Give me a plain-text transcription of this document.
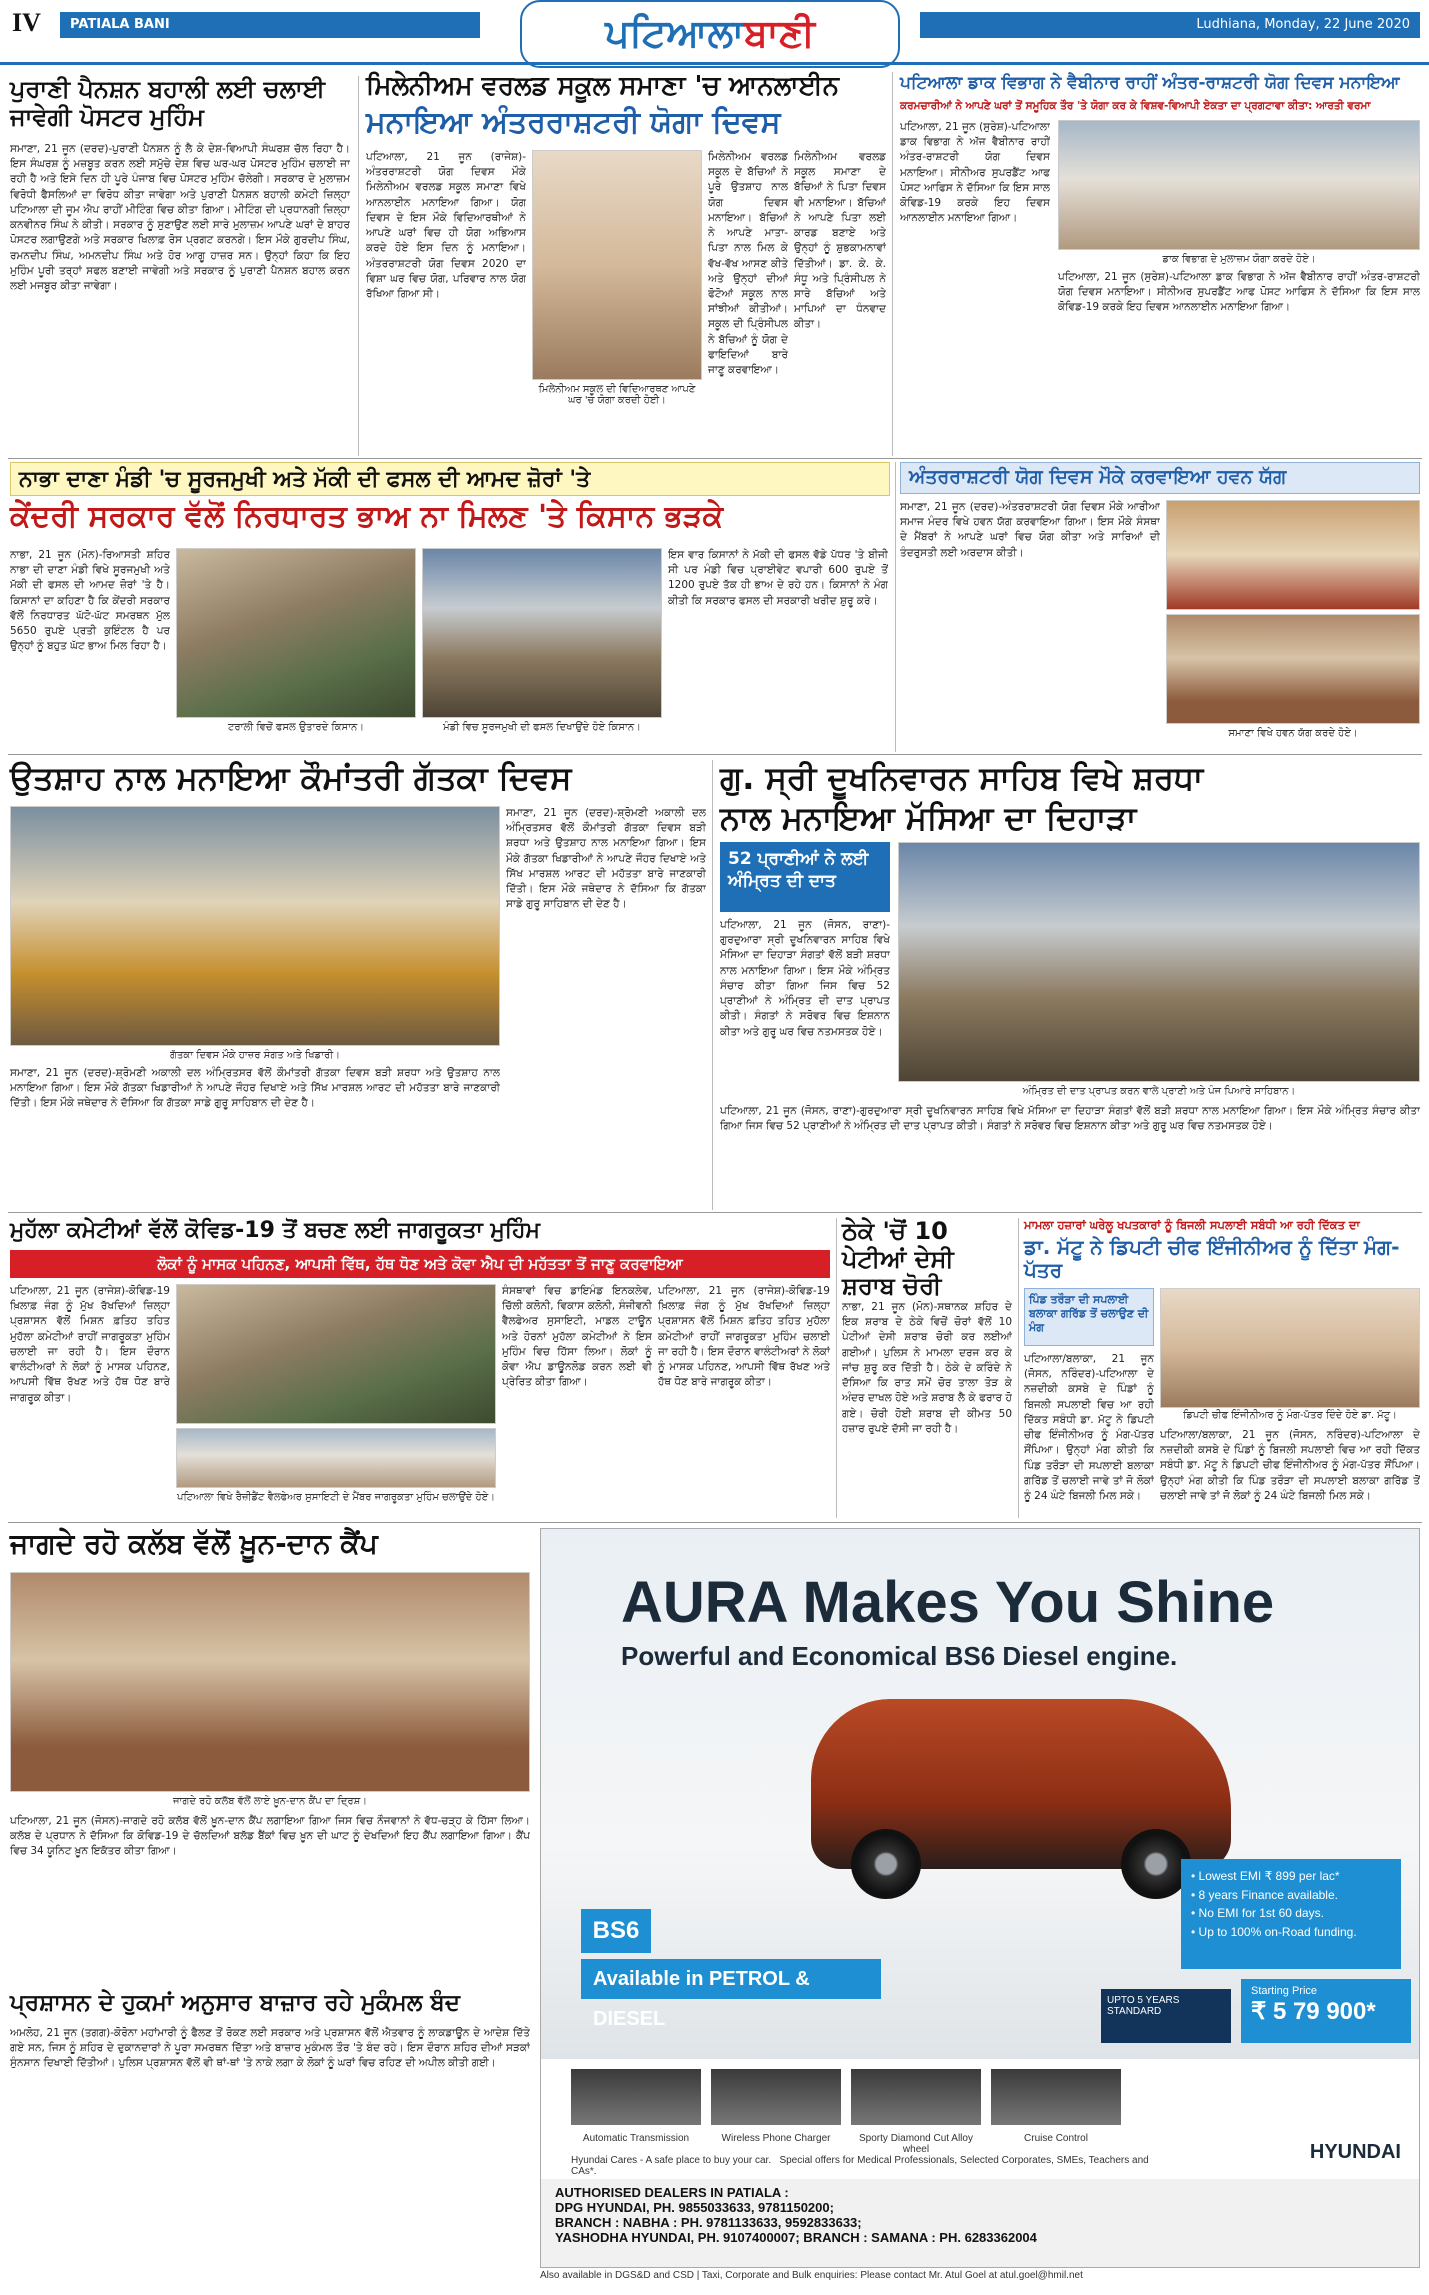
IV	PATIALA BANI	ਪਟਿਆਲਾਬਾਣੀ	Ludhiana, Monday, 22 June 2020
ਪੁਰਾਣੀ ਪੈਨਸ਼ਨ ਬਹਾਲੀ ਲਈ ਚਲਾਈ ਜਾਵੇਗੀ ਪੋਸਟਰ ਮੁਹਿੰਮ
ਸਮਾਣਾ, 21 ਜੂਨ (ਦਰਦ)-ਪੁਰਾਣੀ ਪੈਨਸ਼ਨ ਨੂੰ ਲੈ ਕੇ ਦੇਸ਼-ਵਿਆਪੀ ਸੰਘਰਸ਼ ਚੱਲ ਰਿਹਾ ਹੈ। ਇਸ ਸੰਘਰਸ਼ ਨੂੰ ਮਜ਼ਬੂਤ ਕਰਨ ਲਈ ਸਮੁੱਚੇ ਦੇਸ਼ ਵਿਚ ਘਰ-ਘਰ ਪੋਸਟਰ ਮੁਹਿੰਮ ਚਲਾਈ ਜਾ ਰਹੀ ਹੈ ਅਤੇ ਇਸੇ ਦਿਨ ਹੀ ਪੂਰੇ ਪੰਜਾਬ ਵਿਚ ਪੋਸਟਰ ਮੁਹਿੰਮ ਚੱਲੇਗੀ। ਸਰਕਾਰ ਦੇ ਮੁਲਾਜ਼ਮ ਵਿਰੋਧੀ ਫੈਸਲਿਆਂ ਦਾ ਵਿਰੋਧ ਕੀਤਾ ਜਾਵੇਗਾ ਅਤੇ ਪੁਰਾਣੀ ਪੈਨਸ਼ਨ ਬਹਾਲੀ ਕਮੇਟੀ ਜ਼ਿਲ੍ਹਾ ਪਟਿਆਲਾ ਦੀ ਜੂਮ ਐਪ ਰਾਹੀਂ ਮੀਟਿੰਗ ਵਿਚ ਕੀਤਾ ਗਿਆ। ਮੀਟਿੰਗ ਦੀ ਪ੍ਰਧਾਨਗੀ ਜ਼ਿਲ੍ਹਾ ਕਨਵੀਨਰ ਸਿੰਘ ਨੇ ਕੀਤੀ। ਸਰਕਾਰ ਨੂੰ ਸੁਣਾਉਣ ਲਈ ਸਾਰੇ ਮੁਲਾਜ਼ਮ ਆਪਣੇ ਘਰਾਂ ਦੇ ਬਾਹਰ ਪੋਸਟਰ ਲਗਾਉਣਗੇ ਅਤੇ ਸਰਕਾਰ ਖਿਲਾਫ਼ ਰੋਸ ਪ੍ਰਗਟ ਕਰਨਗੇ। ਇਸ ਮੌਕੇ ਗੁਰਦੀਪ ਸਿੰਘ, ਰਮਨਦੀਪ ਸਿੰਘ, ਅਮਨਦੀਪ ਸਿੰਘ ਅਤੇ ਹੋਰ ਆਗੂ ਹਾਜ਼ਰ ਸਨ। ਉਨ੍ਹਾਂ ਕਿਹਾ ਕਿ ਇਹ ਮੁਹਿੰਮ ਪੂਰੀ ਤਰ੍ਹਾਂ ਸਫਲ ਬਣਾਈ ਜਾਵੇਗੀ ਅਤੇ ਸਰਕਾਰ ਨੂੰ ਪੁਰਾਣੀ ਪੈਨਸ਼ਨ ਬਹਾਲ ਕਰਨ ਲਈ ਮਜਬੂਰ ਕੀਤਾ ਜਾਵੇਗਾ।
ਮਿਲੇਨੀਅਮ ਵਰਲਡ ਸਕੂਲ ਸਮਾਣਾ 'ਚ ਆਨਲਾਈਨ
ਮਨਾਇਆ ਅੰਤਰਰਾਸ਼ਟਰੀ ਯੋਗਾ ਦਿਵਸ
ਪਟਿਆਲਾ, 21 ਜੂਨ (ਰਾਜੇਸ਼)-ਅੰਤਰਰਾਸ਼ਟਰੀ ਯੋਗ ਦਿਵਸ ਮੌਕੇ ਮਿਲੇਨੀਅਮ ਵਰਲਡ ਸਕੂਲ ਸਮਾਣਾ ਵਿਖੇ ਆਨਲਾਈਨ ਮਨਾਇਆ ਗਿਆ। ਯੋਗ ਦਿਵਸ ਦੇ ਇਸ ਮੌਕੇ ਵਿਦਿਆਰਥੀਆਂ ਨੇ ਆਪਣੇ ਘਰਾਂ ਵਿਚ ਹੀ ਯੋਗ ਅਭਿਆਸ ਕਰਦੇ ਹੋਏ ਇਸ ਦਿਨ ਨੂੰ ਮਨਾਇਆ। ਅੰਤਰਰਾਸ਼ਟਰੀ ਯੋਗ ਦਿਵਸ 2020 ਦਾ ਵਿਸ਼ਾ ਘਰ ਵਿਚ ਯੋਗ, ਪਰਿਵਾਰ ਨਾਲ ਯੋਗ ਰੱਖਿਆ ਗਿਆ ਸੀ।
ਮਿਲੇਨੀਅਮ ਸਕੂਲ ਦੀ ਵਿਦਿਆਰਥਣ ਆਪਣੇ ਘਰ 'ਚ ਯੋਗਾ ਕਰਦੀ ਹੋਈ।
ਮਿਲੇਨੀਅਮ ਵਰਲਡ ਸਕੂਲ ਦੇ ਬੱਚਿਆਂ ਨੇ ਪੂਰੇ ਉਤਸ਼ਾਹ ਨਾਲ ਯੋਗ ਦਿਵਸ ਮਨਾਇਆ। ਬੱਚਿਆਂ ਨੇ ਆਪਣੇ ਮਾਤਾ-ਪਿਤਾ ਨਾਲ ਮਿਲ ਕੇ ਵੱਖ-ਵੱਖ ਆਸਣ ਕੀਤੇ ਅਤੇ ਉਨ੍ਹਾਂ ਦੀਆਂ ਫੋਟੋਆਂ ਸਕੂਲ ਨਾਲ ਸਾਂਝੀਆਂ ਕੀਤੀਆਂ। ਸਕੂਲ ਦੀ ਪ੍ਰਿੰਸੀਪਲ ਨੇ ਬੱਚਿਆਂ ਨੂੰ ਯੋਗ ਦੇ ਫਾਇਦਿਆਂ ਬਾਰੇ ਜਾਣੂ ਕਰਵਾਇਆ।
ਮਿਲੇਨੀਅਮ ਵਰਲਡ ਸਕੂਲ ਸਮਾਣਾ ਦੇ ਬੱਚਿਆਂ ਨੇ ਪਿਤਾ ਦਿਵਸ ਵੀ ਮਨਾਇਆ। ਬੱਚਿਆਂ ਨੇ ਆਪਣੇ ਪਿਤਾ ਲਈ ਕਾਰਡ ਬਣਾਏ ਅਤੇ ਉਨ੍ਹਾਂ ਨੂੰ ਸ਼ੁਭਕਾਮਨਾਵਾਂ ਦਿੱਤੀਆਂ। ਡਾ. ਕੇ. ਕੇ. ਸੰਧੂ ਅਤੇ ਪ੍ਰਿੰਸੀਪਲ ਨੇ ਸਾਰੇ ਬੱਚਿਆਂ ਅਤੇ ਮਾਪਿਆਂ ਦਾ ਧੰਨਵਾਦ ਕੀਤਾ।
ਪਟਿਆਲਾ ਡਾਕ ਵਿਭਾਗ ਨੇ ਵੈਬੀਨਾਰ ਰਾਹੀਂ ਅੰਤਰ-ਰਾਸ਼ਟਰੀ ਯੋਗ ਦਿਵਸ ਮਨਾਇਆ
ਕਰਮਚਾਰੀਆਂ ਨੇ ਆਪਣੇ ਘਰਾਂ ਤੋਂ ਸਮੂਹਿਕ ਤੌਰ 'ਤੇ ਯੋਗਾ ਕਰ ਕੇ ਵਿਸ਼ਵ-ਵਿਆਪੀ ਏਕਤਾ ਦਾ ਪ੍ਰਗਟਾਵਾ ਕੀਤਾ: ਆਰਤੀ ਵਰਮਾ
ਪਟਿਆਲਾ, 21 ਜੂਨ (ਸੁਰੇਸ਼)-ਪਟਿਆਲਾ ਡਾਕ ਵਿਭਾਗ ਨੇ ਅੱਜ ਵੈਬੀਨਾਰ ਰਾਹੀਂ ਅੰਤਰ-ਰਾਸ਼ਟਰੀ ਯੋਗ ਦਿਵਸ ਮਨਾਇਆ। ਸੀਨੀਅਰ ਸੁਪਰਡੈਂਟ ਆਫ ਪੋਸਟ ਆਫਿਸ ਨੇ ਦੱਸਿਆ ਕਿ ਇਸ ਸਾਲ ਕੋਵਿਡ-19 ਕਰਕੇ ਇਹ ਦਿਵਸ ਆਨਲਾਈਨ ਮਨਾਇਆ ਗਿਆ।
ਡਾਕ ਵਿਭਾਗ ਦੇ ਮੁਲਾਜ਼ਮ ਯੋਗਾ ਕਰਦੇ ਹੋਏ।
ਪਟਿਆਲਾ, 21 ਜੂਨ (ਸੁਰੇਸ਼)-ਪਟਿਆਲਾ ਡਾਕ ਵਿਭਾਗ ਨੇ ਅੱਜ ਵੈਬੀਨਾਰ ਰਾਹੀਂ ਅੰਤਰ-ਰਾਸ਼ਟਰੀ ਯੋਗ ਦਿਵਸ ਮਨਾਇਆ। ਸੀਨੀਅਰ ਸੁਪਰਡੈਂਟ ਆਫ ਪੋਸਟ ਆਫਿਸ ਨੇ ਦੱਸਿਆ ਕਿ ਇਸ ਸਾਲ ਕੋਵਿਡ-19 ਕਰਕੇ ਇਹ ਦਿਵਸ ਆਨਲਾਈਨ ਮਨਾਇਆ ਗਿਆ।
ਨਾਭਾ ਦਾਣਾ ਮੰਡੀ 'ਚ ਸੂਰਜਮੁਖੀ ਅਤੇ ਮੱਕੀ ਦੀ ਫਸਲ ਦੀ ਆਮਦ ਜ਼ੋਰਾਂ 'ਤੇ
ਕੇਂਦਰੀ ਸਰਕਾਰ ਵੱਲੋਂ ਨਿਰਧਾਰਤ ਭਾਅ ਨਾ ਮਿਲਣ 'ਤੇ ਕਿਸਾਨ ਭੜਕੇ
ਨਾਭਾ, 21 ਜੂਨ (ਮੋਨ)-ਰਿਆਸਤੀ ਸ਼ਹਿਰ ਨਾਭਾ ਦੀ ਦਾਣਾ ਮੰਡੀ ਵਿਖੇ ਸੂਰਜਮੁਖੀ ਅਤੇ ਮੱਕੀ ਦੀ ਫਸਲ ਦੀ ਆਮਦ ਜ਼ੋਰਾਂ 'ਤੇ ਹੈ। ਕਿਸਾਨਾਂ ਦਾ ਕਹਿਣਾ ਹੈ ਕਿ ਕੇਂਦਰੀ ਸਰਕਾਰ ਵੱਲੋਂ ਨਿਰਧਾਰਤ ਘੱਟੋ-ਘੱਟ ਸਮਰਥਨ ਮੁੱਲ 5650 ਰੁਪਏ ਪ੍ਰਤੀ ਕੁਇੰਟਲ ਹੈ ਪਰ ਉਨ੍ਹਾਂ ਨੂੰ ਬਹੁਤ ਘੱਟ ਭਾਅ ਮਿਲ ਰਿਹਾ ਹੈ।
ਟਰਾਲੀ ਵਿਚੋਂ ਫਸਲ ਉਤਾਰਦੇ ਕਿਸਾਨ।	ਮੰਡੀ ਵਿਚ ਸੂਰਜਮੁਖੀ ਦੀ ਫਸਲ ਦਿਖਾਉਂਦੇ ਹੋਏ ਕਿਸਾਨ।
ਇਸ ਵਾਰ ਕਿਸਾਨਾਂ ਨੇ ਮੱਕੀ ਦੀ ਫਸਲ ਵੱਡੇ ਪੱਧਰ 'ਤੇ ਬੀਜੀ ਸੀ ਪਰ ਮੰਡੀ ਵਿਚ ਪ੍ਰਾਈਵੇਟ ਵਪਾਰੀ 600 ਰੁਪਏ ਤੋਂ 1200 ਰੁਪਏ ਤੱਕ ਹੀ ਭਾਅ ਦੇ ਰਹੇ ਹਨ। ਕਿਸਾਨਾਂ ਨੇ ਮੰਗ ਕੀਤੀ ਕਿ ਸਰਕਾਰ ਫਸਲ ਦੀ ਸਰਕਾਰੀ ਖਰੀਦ ਸ਼ੁਰੂ ਕਰੇ।
ਅੰਤਰਰਾਸ਼ਟਰੀ ਯੋਗ ਦਿਵਸ ਮੌਕੇ ਕਰਵਾਇਆ ਹਵਨ ਯੱਗ
ਸਮਾਣਾ, 21 ਜੂਨ (ਦਰਦ)-ਅੰਤਰਰਾਸ਼ਟਰੀ ਯੋਗ ਦਿਵਸ ਮੌਕੇ ਆਰੀਆ ਸਮਾਜ ਮੰਦਰ ਵਿਖੇ ਹਵਨ ਯੱਗ ਕਰਵਾਇਆ ਗਿਆ। ਇਸ ਮੌਕੇ ਸੰਸਥਾ ਦੇ ਮੈਂਬਰਾਂ ਨੇ ਆਪਣੇ ਘਰਾਂ ਵਿਚ ਯੋਗ ਕੀਤਾ ਅਤੇ ਸਾਰਿਆਂ ਦੀ ਤੰਦਰੁਸਤੀ ਲਈ ਅਰਦਾਸ ਕੀਤੀ।
ਸਮਾਣਾ ਵਿਖੇ ਹਵਨ ਯੱਗ ਕਰਦੇ ਹੋਏ।
ਉਤਸ਼ਾਹ ਨਾਲ ਮਨਾਇਆ ਕੌਮਾਂਤਰੀ ਗੱਤਕਾ ਦਿਵਸ
ਗੱਤਕਾ ਦਿਵਸ ਮੌਕੇ ਹਾਜ਼ਰ ਸੰਗਤ ਅਤੇ ਖਿਡਾਰੀ।
ਸਮਾਣਾ, 21 ਜੂਨ (ਦਰਦ)-ਸ਼੍ਰੋਮਣੀ ਅਕਾਲੀ ਦਲ ਅੰਮ੍ਰਿਤਸਰ ਵੱਲੋਂ ਕੌਮਾਂਤਰੀ ਗੱਤਕਾ ਦਿਵਸ ਬੜੀ ਸ਼ਰਧਾ ਅਤੇ ਉਤਸ਼ਾਹ ਨਾਲ ਮਨਾਇਆ ਗਿਆ। ਇਸ ਮੌਕੇ ਗੱਤਕਾ ਖਿਡਾਰੀਆਂ ਨੇ ਆਪਣੇ ਜੌਹਰ ਦਿਖਾਏ ਅਤੇ ਸਿੱਖ ਮਾਰਸ਼ਲ ਆਰਟ ਦੀ ਮਹੱਤਤਾ ਬਾਰੇ ਜਾਣਕਾਰੀ ਦਿੱਤੀ। ਇਸ ਮੌਕੇ ਜਥੇਦਾਰ ਨੇ ਦੱਸਿਆ ਕਿ ਗੱਤਕਾ ਸਾਡੇ ਗੁਰੂ ਸਾਹਿਬਾਨ ਦੀ ਦੇਣ ਹੈ।
ਸਮਾਣਾ, 21 ਜੂਨ (ਦਰਦ)-ਸ਼੍ਰੋਮਣੀ ਅਕਾਲੀ ਦਲ ਅੰਮ੍ਰਿਤਸਰ ਵੱਲੋਂ ਕੌਮਾਂਤਰੀ ਗੱਤਕਾ ਦਿਵਸ ਬੜੀ ਸ਼ਰਧਾ ਅਤੇ ਉਤਸ਼ਾਹ ਨਾਲ ਮਨਾਇਆ ਗਿਆ। ਇਸ ਮੌਕੇ ਗੱਤਕਾ ਖਿਡਾਰੀਆਂ ਨੇ ਆਪਣੇ ਜੌਹਰ ਦਿਖਾਏ ਅਤੇ ਸਿੱਖ ਮਾਰਸ਼ਲ ਆਰਟ ਦੀ ਮਹੱਤਤਾ ਬਾਰੇ ਜਾਣਕਾਰੀ ਦਿੱਤੀ। ਇਸ ਮੌਕੇ ਜਥੇਦਾਰ ਨੇ ਦੱਸਿਆ ਕਿ ਗੱਤਕਾ ਸਾਡੇ ਗੁਰੂ ਸਾਹਿਬਾਨ ਦੀ ਦੇਣ ਹੈ।
ਗੁ. ਸ੍ਰੀ ਦੂਖਨਿਵਾਰਨ ਸਾਹਿਬ ਵਿਖੇ ਸ਼ਰਧਾ
ਨਾਲ ਮਨਾਇਆ ਮੱਸਿਆ ਦਾ ਦਿਹਾੜਾ
52 ਪ੍ਰਾਣੀਆਂ ਨੇ ਲਈ ਅੰਮ੍ਰਿਤ ਦੀ ਦਾਤ
ਪਟਿਆਲਾ, 21 ਜੂਨ (ਜੋਸਨ, ਰਾਣਾ)-ਗੁਰਦੁਆਰਾ ਸ੍ਰੀ ਦੂਖਨਿਵਾਰਨ ਸਾਹਿਬ ਵਿਖੇ ਮੱਸਿਆ ਦਾ ਦਿਹਾੜਾ ਸੰਗਤਾਂ ਵੱਲੋਂ ਬੜੀ ਸ਼ਰਧਾ ਨਾਲ ਮਨਾਇਆ ਗਿਆ। ਇਸ ਮੌਕੇ ਅੰਮ੍ਰਿਤ ਸੰਚਾਰ ਕੀਤਾ ਗਿਆ ਜਿਸ ਵਿਚ 52 ਪ੍ਰਾਣੀਆਂ ਨੇ ਅੰਮ੍ਰਿਤ ਦੀ ਦਾਤ ਪ੍ਰਾਪਤ ਕੀਤੀ। ਸੰਗਤਾਂ ਨੇ ਸਰੋਵਰ ਵਿਚ ਇਸ਼ਨਾਨ ਕੀਤਾ ਅਤੇ ਗੁਰੂ ਘਰ ਵਿਚ ਨਤਮਸਤਕ ਹੋਏ।
ਅੰਮ੍ਰਿਤ ਦੀ ਦਾਤ ਪ੍ਰਾਪਤ ਕਰਨ ਵਾਲੇ ਪ੍ਰਾਣੀ ਅਤੇ ਪੰਜ ਪਿਆਰੇ ਸਾਹਿਬਾਨ।
ਪਟਿਆਲਾ, 21 ਜੂਨ (ਜੋਸਨ, ਰਾਣਾ)-ਗੁਰਦੁਆਰਾ ਸ੍ਰੀ ਦੂਖਨਿਵਾਰਨ ਸਾਹਿਬ ਵਿਖੇ ਮੱਸਿਆ ਦਾ ਦਿਹਾੜਾ ਸੰਗਤਾਂ ਵੱਲੋਂ ਬੜੀ ਸ਼ਰਧਾ ਨਾਲ ਮਨਾਇਆ ਗਿਆ। ਇਸ ਮੌਕੇ ਅੰਮ੍ਰਿਤ ਸੰਚਾਰ ਕੀਤਾ ਗਿਆ ਜਿਸ ਵਿਚ 52 ਪ੍ਰਾਣੀਆਂ ਨੇ ਅੰਮ੍ਰਿਤ ਦੀ ਦਾਤ ਪ੍ਰਾਪਤ ਕੀਤੀ। ਸੰਗਤਾਂ ਨੇ ਸਰੋਵਰ ਵਿਚ ਇਸ਼ਨਾਨ ਕੀਤਾ ਅਤੇ ਗੁਰੂ ਘਰ ਵਿਚ ਨਤਮਸਤਕ ਹੋਏ।
ਮੁਹੱਲਾ ਕਮੇਟੀਆਂ ਵੱਲੋਂ ਕੋਵਿਡ-19 ਤੋਂ ਬਚਣ ਲਈ ਜਾਗਰੂਕਤਾ ਮੁਹਿੰਮ
ਲੋਕਾਂ ਨੂੰ ਮਾਸਕ ਪਹਿਨਣ, ਆਪਸੀ ਵਿੱਥ, ਹੱਥ ਧੋਣ ਅਤੇ ਕੋਵਾ ਐਪ ਦੀ ਮਹੱਤਤਾ ਤੋਂ ਜਾਣੂ ਕਰਵਾਇਆ
ਪਟਿਆਲਾ, 21 ਜੂਨ (ਰਾਜੇਸ਼)-ਕੋਵਿਡ-19 ਖ਼ਿਲਾਫ਼ ਜੰਗ ਨੂੰ ਮੁੱਖ ਰੱਖਦਿਆਂ ਜ਼ਿਲ੍ਹਾ ਪ੍ਰਸ਼ਾਸਨ ਵੱਲੋਂ ਮਿਸ਼ਨ ਫ਼ਤਿਹ ਤਹਿਤ ਮੁਹੱਲਾ ਕਮੇਟੀਆਂ ਰਾਹੀਂ ਜਾਗਰੂਕਤਾ ਮੁਹਿੰਮ ਚਲਾਈ ਜਾ ਰਹੀ ਹੈ। ਇਸ ਦੌਰਾਨ ਵਾਲੰਟੀਅਰਾਂ ਨੇ ਲੋਕਾਂ ਨੂੰ ਮਾਸਕ ਪਹਿਨਣ, ਆਪਸੀ ਵਿੱਥ ਰੱਖਣ ਅਤੇ ਹੱਥ ਧੋਣ ਬਾਰੇ ਜਾਗਰੂਕ ਕੀਤਾ।
ਪਟਿਆਲਾ ਵਿਖੇ ਰੈਜ਼ੀਡੈਂਟ ਵੈਲਫੇਅਰ ਸੁਸਾਇਟੀ ਦੇ ਮੈਂਬਰ ਜਾਗਰੂਕਤਾ ਮੁਹਿੰਮ ਚਲਾਉਂਦੇ ਹੋਏ।
ਸੰਸਥਾਵਾਂ ਵਿਚ ਡਾਇਮੰਡ ਇਨਕਲੇਵ, ਚਿੱਲੀ ਕਲੋਨੀ, ਵਿਕਾਸ ਕਲੋਨੀ, ਸੰਜੀਵਨੀ ਵੈਲਫੇਅਰ ਸੁਸਾਇਟੀ, ਮਾਡਲ ਟਾਊਨ ਅਤੇ ਹੋਰਨਾਂ ਮੁਹੱਲਾ ਕਮੇਟੀਆਂ ਨੇ ਇਸ ਮੁਹਿੰਮ ਵਿਚ ਹਿੱਸਾ ਲਿਆ। ਲੋਕਾਂ ਨੂੰ ਕੋਵਾ ਐਪ ਡਾਊਨਲੋਡ ਕਰਨ ਲਈ ਵੀ ਪ੍ਰੇਰਿਤ ਕੀਤਾ ਗਿਆ।
ਪਟਿਆਲਾ, 21 ਜੂਨ (ਰਾਜੇਸ਼)-ਕੋਵਿਡ-19 ਖ਼ਿਲਾਫ਼ ਜੰਗ ਨੂੰ ਮੁੱਖ ਰੱਖਦਿਆਂ ਜ਼ਿਲ੍ਹਾ ਪ੍ਰਸ਼ਾਸਨ ਵੱਲੋਂ ਮਿਸ਼ਨ ਫ਼ਤਿਹ ਤਹਿਤ ਮੁਹੱਲਾ ਕਮੇਟੀਆਂ ਰਾਹੀਂ ਜਾਗਰੂਕਤਾ ਮੁਹਿੰਮ ਚਲਾਈ ਜਾ ਰਹੀ ਹੈ। ਇਸ ਦੌਰਾਨ ਵਾਲੰਟੀਅਰਾਂ ਨੇ ਲੋਕਾਂ ਨੂੰ ਮਾਸਕ ਪਹਿਨਣ, ਆਪਸੀ ਵਿੱਥ ਰੱਖਣ ਅਤੇ ਹੱਥ ਧੋਣ ਬਾਰੇ ਜਾਗਰੂਕ ਕੀਤਾ।
ਠੇਕੇ 'ਚੋਂ 10 ਪੇਟੀਆਂ ਦੇਸੀ ਸ਼ਰਾਬ ਚੋਰੀ
ਨਾਭਾ, 21 ਜੂਨ (ਮੋਨ)-ਸਥਾਨਕ ਸ਼ਹਿਰ ਦੇ ਇਕ ਸ਼ਰਾਬ ਦੇ ਠੇਕੇ ਵਿਚੋਂ ਚੋਰਾਂ ਵੱਲੋਂ 10 ਪੇਟੀਆਂ ਦੇਸੀ ਸ਼ਰਾਬ ਚੋਰੀ ਕਰ ਲਈਆਂ ਗਈਆਂ। ਪੁਲਿਸ ਨੇ ਮਾਮਲਾ ਦਰਜ ਕਰ ਕੇ ਜਾਂਚ ਸ਼ੁਰੂ ਕਰ ਦਿੱਤੀ ਹੈ। ਠੇਕੇ ਦੇ ਕਰਿੰਦੇ ਨੇ ਦੱਸਿਆ ਕਿ ਰਾਤ ਸਮੇਂ ਚੋਰ ਤਾਲਾ ਤੋੜ ਕੇ ਅੰਦਰ ਦਾਖਲ ਹੋਏ ਅਤੇ ਸ਼ਰਾਬ ਲੈ ਕੇ ਫਰਾਰ ਹੋ ਗਏ। ਚੋਰੀ ਹੋਈ ਸ਼ਰਾਬ ਦੀ ਕੀਮਤ 50 ਹਜ਼ਾਰ ਰੁਪਏ ਦੱਸੀ ਜਾ ਰਹੀ ਹੈ।
ਮਾਮਲਾ ਹਜ਼ਾਰਾਂ ਘਰੇਲੂ ਖਪਤਕਾਰਾਂ ਨੂੰ ਬਿਜਲੀ ਸਪਲਾਈ ਸਬੰਧੀ ਆ ਰਹੀ ਦਿੱਕਤ ਦਾ
ਡਾ. ਮੱਟੂ ਨੇ ਡਿਪਟੀ ਚੀਫ ਇੰਜੀਨੀਅਰ ਨੂੰ ਦਿੱਤਾ ਮੰਗ-ਪੱਤਰ
ਪਿੰਡ ਤਰੌੜਾ ਦੀ ਸਪਲਾਈ ਬਲਾਕਾ ਗਰਿੱਡ ਤੋਂ ਚਲਾਉਣ ਦੀ ਮੰਗ
ਪਟਿਆਲਾ/ਬਲਾਕਾ, 21 ਜੂਨ (ਜੋਸਨ, ਨਰਿੰਦਰ)-ਪਟਿਆਲਾ ਦੇ ਨਜ਼ਦੀਕੀ ਕਸਬੇ ਦੇ ਪਿੰਡਾਂ ਨੂੰ ਬਿਜਲੀ ਸਪਲਾਈ ਵਿਚ ਆ ਰਹੀ ਦਿੱਕਤ ਸਬੰਧੀ ਡਾ. ਮੱਟੂ ਨੇ ਡਿਪਟੀ ਚੀਫ ਇੰਜੀਨੀਅਰ ਨੂੰ ਮੰਗ-ਪੱਤਰ ਸੌਂਪਿਆ। ਉਨ੍ਹਾਂ ਮੰਗ ਕੀਤੀ ਕਿ ਪਿੰਡ ਤਰੌੜਾ ਦੀ ਸਪਲਾਈ ਬਲਾਕਾ ਗਰਿੱਡ ਤੋਂ ਚਲਾਈ ਜਾਵੇ ਤਾਂ ਜੋ ਲੋਕਾਂ ਨੂੰ 24 ਘੰਟੇ ਬਿਜਲੀ ਮਿਲ ਸਕੇ।
ਡਿਪਟੀ ਚੀਫ ਇੰਜੀਨੀਅਰ ਨੂੰ ਮੰਗ-ਪੱਤਰ ਦਿੰਦੇ ਹੋਏ ਡਾ. ਮੱਟੂ।
ਪਟਿਆਲਾ/ਬਲਾਕਾ, 21 ਜੂਨ (ਜੋਸਨ, ਨਰਿੰਦਰ)-ਪਟਿਆਲਾ ਦੇ ਨਜ਼ਦੀਕੀ ਕਸਬੇ ਦੇ ਪਿੰਡਾਂ ਨੂੰ ਬਿਜਲੀ ਸਪਲਾਈ ਵਿਚ ਆ ਰਹੀ ਦਿੱਕਤ ਸਬੰਧੀ ਡਾ. ਮੱਟੂ ਨੇ ਡਿਪਟੀ ਚੀਫ ਇੰਜੀਨੀਅਰ ਨੂੰ ਮੰਗ-ਪੱਤਰ ਸੌਂਪਿਆ। ਉਨ੍ਹਾਂ ਮੰਗ ਕੀਤੀ ਕਿ ਪਿੰਡ ਤਰੌੜਾ ਦੀ ਸਪਲਾਈ ਬਲਾਕਾ ਗਰਿੱਡ ਤੋਂ ਚਲਾਈ ਜਾਵੇ ਤਾਂ ਜੋ ਲੋਕਾਂ ਨੂੰ 24 ਘੰਟੇ ਬਿਜਲੀ ਮਿਲ ਸਕੇ।
ਜਾਗਦੇ ਰਹੋ ਕਲੱਬ ਵੱਲੋਂ ਖ਼ੂਨ-ਦਾਨ ਕੈਂਪ
ਜਾਗਦੇ ਰਹੋ ਕਲੱਬ ਵੱਲੋਂ ਲਾਏ ਖ਼ੂਨ-ਦਾਨ ਕੈਂਪ ਦਾ ਦ੍ਰਿਸ਼।
ਪਟਿਆਲਾ, 21 ਜੂਨ (ਜੋਸਨ)-ਜਾਗਦੇ ਰਹੋ ਕਲੱਬ ਵੱਲੋਂ ਖ਼ੂਨ-ਦਾਨ ਕੈਂਪ ਲਗਾਇਆ ਗਿਆ ਜਿਸ ਵਿਚ ਨੌਜਵਾਨਾਂ ਨੇ ਵੱਧ-ਚੜ੍ਹ ਕੇ ਹਿੱਸਾ ਲਿਆ। ਕਲੱਬ ਦੇ ਪ੍ਰਧਾਨ ਨੇ ਦੱਸਿਆ ਕਿ ਕੋਵਿਡ-19 ਦੇ ਚੱਲਦਿਆਂ ਬਲੱਡ ਬੈਂਕਾਂ ਵਿਚ ਖ਼ੂਨ ਦੀ ਘਾਟ ਨੂੰ ਦੇਖਦਿਆਂ ਇਹ ਕੈਂਪ ਲਗਾਇਆ ਗਿਆ। ਕੈਂਪ ਵਿਚ 34 ਯੂਨਿਟ ਖ਼ੂਨ ਇਕੱਤਰ ਕੀਤਾ ਗਿਆ।
ਪ੍ਰਸ਼ਾਸਨ ਦੇ ਹੁਕਮਾਂ ਅਨੁਸਾਰ ਬਾਜ਼ਾਰ ਰਹੇ ਮੁਕੰਮਲ ਬੰਦ
ਅਮਲੋਹ, 21 ਜੂਨ (ਤਗਗ)-ਕੋਰੋਨਾ ਮਹਾਂਮਾਰੀ ਨੂੰ ਫੈਲਣ ਤੋਂ ਰੋਕਣ ਲਈ ਸਰਕਾਰ ਅਤੇ ਪ੍ਰਸ਼ਾਸਨ ਵੱਲੋਂ ਐਤਵਾਰ ਨੂੰ ਲਾਕਡਾਊਨ ਦੇ ਆਦੇਸ਼ ਦਿੱਤੇ ਗਏ ਸਨ, ਜਿਸ ਨੂੰ ਸ਼ਹਿਰ ਦੇ ਦੁਕਾਨਦਾਰਾਂ ਨੇ ਪੂਰਾ ਸਮਰਥਨ ਦਿੱਤਾ ਅਤੇ ਬਾਜ਼ਾਰ ਮੁਕੰਮਲ ਤੌਰ 'ਤੇ ਬੰਦ ਰਹੇ। ਇਸ ਦੌਰਾਨ ਸ਼ਹਿਰ ਦੀਆਂ ਸੜਕਾਂ ਸੁੰਨਸਾਨ ਦਿਖਾਈ ਦਿੱਤੀਆਂ। ਪੁਲਿਸ ਪ੍ਰਸ਼ਾਸਨ ਵੱਲੋਂ ਵੀ ਥਾਂ-ਥਾਂ 'ਤੇ ਨਾਕੇ ਲਗਾ ਕੇ ਲੋਕਾਂ ਨੂੰ ਘਰਾਂ ਵਿਚ ਰਹਿਣ ਦੀ ਅਪੀਲ ਕੀਤੀ ਗਈ।
AURA Makes You Shine
Powerful and Economical BS6 Diesel engine.
BS6
Available in PETROL & DIESEL
• Lowest EMI ₹ 899 per lac*
• 8 years Finance available.
• No EMI for 1st 60 days.
• Up to 100% on-Road funding.
UPTO 5 YEARS STANDARD
Starting Price
₹ 5 79 900*
Automatic Transmission	Wireless Phone Charger	Sporty Diamond Cut Alloy wheel
Cruise Control
Hyundai Cares - A safe place to buy your car. Special offers for Medical Professionals, Selected Corporates, SMEs, Teachers and CAs*.
HYUNDAI
AUTHORISED DEALERS IN PATIALA :
DPG HYUNDAI, PH. 9855033633, 9781150200;
BRANCH : NABHA : PH. 9781133633, 9592833633;
YASHODHA HYUNDAI, PH. 9107400007; BRANCH : SAMANA : PH. 6283362004
Also available in DGS&D and CSD | Taxi, Corporate and Bulk enquiries: Please contact Mr. Atul Goel at atul.goel@hmil.net
